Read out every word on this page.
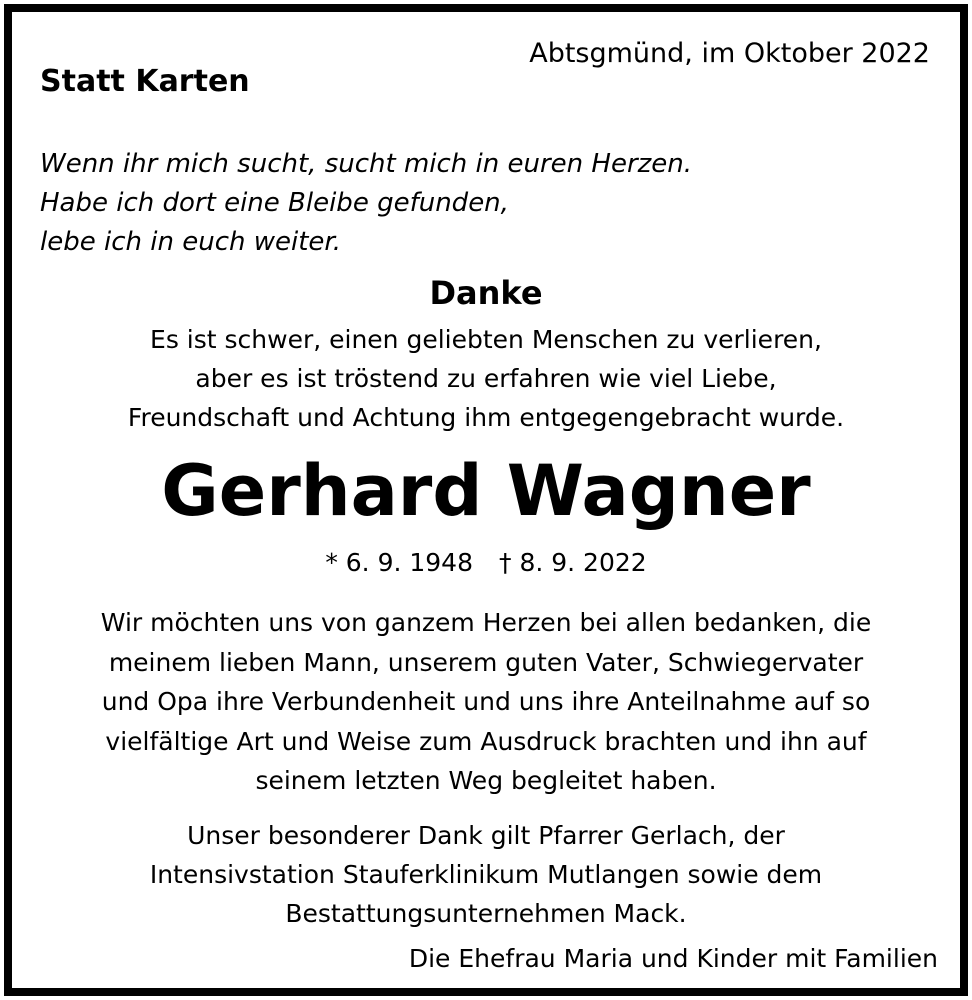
Abtsgmünd, im Oktober 2022
Statt Karten
Wenn ihr mich sucht, sucht mich in euren Herzen.
Habe ich dort eine Bleibe gefunden,
lebe ich in euch weiter.
Danke
Es ist schwer, einen geliebten Menschen zu verlieren,
aber es ist tröstend zu erfahren wie viel Liebe,
Freundschaft und Achtung ihm entgegengebracht wurde.
Gerhard Wagner
* 6. 9. 1948 † 8. 9. 2022
Wir möchten uns von ganzem Herzen bei allen bedanken, die
meinem lieben Mann, unserem guten Vater, Schwiegervater
und Opa ihre Verbundenheit und uns ihre Anteilnahme auf so
vielfältige Art und Weise zum Ausdruck brachten und ihn auf
seinem letzten Weg begleitet haben.
Unser besonderer Dank gilt Pfarrer Gerlach, der
Intensivstation Stauferklinikum Mutlangen sowie dem
Bestattungsunternehmen Mack.
Die Ehefrau Maria und Kinder mit Familien
